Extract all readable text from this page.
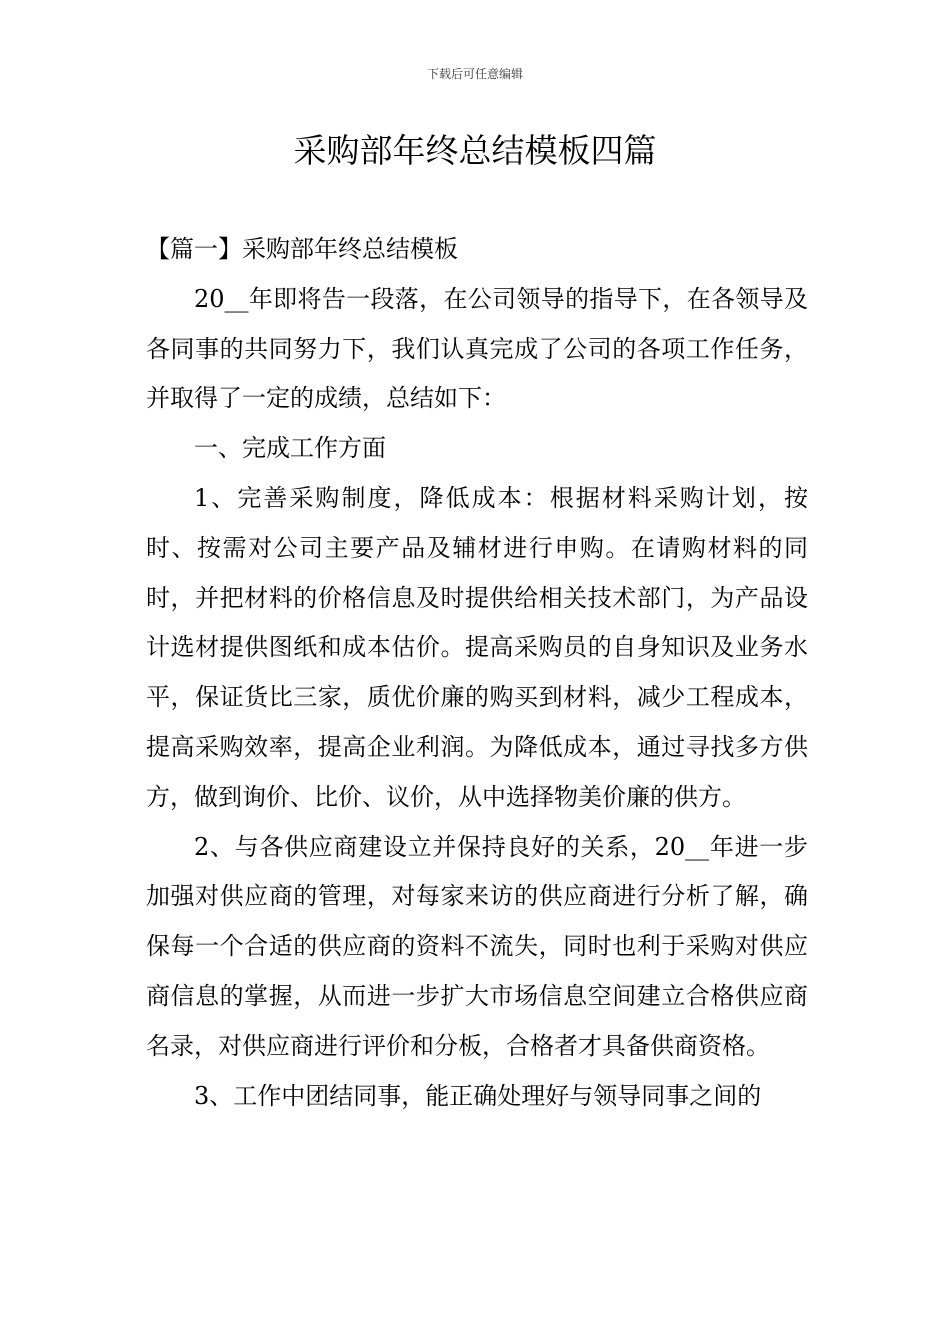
下载后可任意编辑
采购部年终总结模板四篇

【篇一】采购部年终总结模板

20__年即将告一段落，在公司领导的指导下，在各领导及各同事的共同努力下，我们认真完成了公司的各项工作任务，并取得了一定的成绩，总结如下：

一、完成工作方面

1、完善采购制度，降低成本：根据材料采购计划，按时、按需对公司主要产品及辅材进行申购。在请购材料的同时，并把材料的价格信息及时提供给相关技术部门，为产品设计选材提供图纸和成本估价。提高采购员的自身知识及业务水平，保证货比三家，质优价廉的购买到材料，减少工程成本，提高采购效率，提高企业利润。为降低成本，通过寻找多方供方，做到询价、比价、议价，从中选择物美价廉的供方。

2、与各供应商建设立并保持良好的关系，20__年进一步加强对供应商的管理，对每家来访的供应商进行分析了解，确保每一个合适的供应商的资料不流失，同时也利于采购对供应商信息的掌握，从而进一步扩大市场信息空间建立合格供应商名录，对供应商进行评价和分板，合格者才具备供商资格。

3、工作中团结同事，能正确处理好与领导同事之间的
